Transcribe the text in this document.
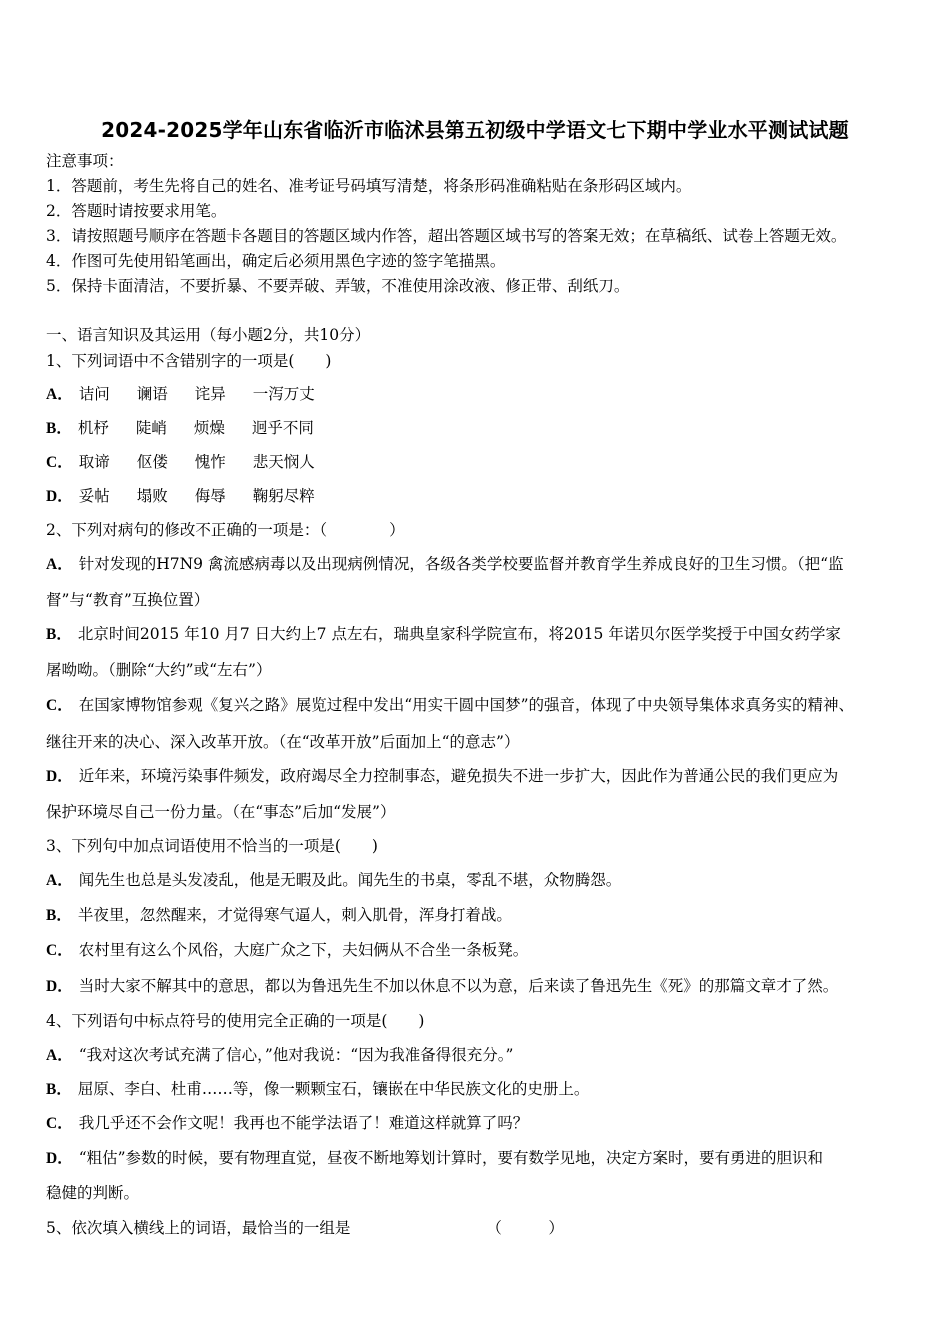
2024-2025学年山东省临沂市临沭县第五初级中学语文七下期中学业水平测试试题
注意事项：
1．答题前，考生先将自己的姓名、准考证号码填写清楚，将条形码准确粘贴在条形码区域内。
2．答题时请按要求用笔。
3．请按照题号顺序在答题卡各题目的答题区域内作答，超出答题区域书写的答案无效；在草稿纸、试卷上答题无效。
4．作图可先使用铅笔画出，确定后必须用黑色字迹的签字笔描黑。
5．保持卡面清洁，不要折暴、不要弄破、弄皱，不准使用涂改液、修正带、刮纸刀。
一、语言知识及其运用（每小题2分，共10分）
1、下列词语中不含错别字的一项是(　　)
A． 诘问 谰语 诧异 一泻万丈
B． 机杼 陡峭 烦燥 迥乎不同
C． 取谛 伛偻 愧怍 悲天悯人
D． 妥帖 塌败 侮辱 鞠躬尽粹
2、下列对病句的修改不正确的一项是：（　　　　）
A． 针对发现的H7N9 禽流感病毒以及出现病例情况，各级各类学校要监督并教育学生养成良好的卫生习惯。（把“监
督”与“教育”互换位置）
B． 北京时间2015 年10 月7 日大约上7 点左右，瑞典皇家科学院宣布，将2015 年诺贝尔医学奖授于中国女药学家
屠呦呦。（删除“大约”或“左右”）
C． 在国家博物馆参观《复兴之路》展览过程中发出“用实干圆中国梦”的强音，体现了中央领导集体求真务实的精神、
继往开来的决心、深入改革开放。（在“改革开放”后面加上“的意志”）
D． 近年来，环境污染事件频发，政府竭尽全力控制事态，避免损失不进一步扩大，因此作为普通公民的我们更应为
保护环境尽自己一份力量。（在“事态”后加“发展”）
3、下列句中加点词语使用不恰当的一项是(　　)
A． 闻先生也总是头发凌乱，他是无暇及此。闻先生的书桌，零乱不堪，众物腾怨。
B． 半夜里，忽然醒来，才觉得寒气逼人，刺入肌骨，浑身打着战。
C． 农村里有这么个风俗，大庭广众之下，夫妇俩从不合坐一条板凳。
D． 当时大家不解其中的意思，都以为鲁迅先生不加以休息不以为意，后来读了鲁迅先生《死》的那篇文章才了然。
4、下列语句中标点符号的使用完全正确的一项是(　　)
A． “我对这次考试充满了信心，”他对我说：“因为我准备得很充分。”
B． 屈原、李白、杜甫……等，像一颗颗宝石，镶嵌在中华民族文化的史册上。
C． 我几乎还不会作文呢！我再也不能学法语了！难道这样就算了吗？
D． “粗估”参数的时候，要有物理直觉，昼夜不断地筹划计算时，要有数学见地，决定方案时，要有勇进的胆识和
稳健的判断。
5、依次填入横线上的词语，最恰当的一组是	（　　　）
